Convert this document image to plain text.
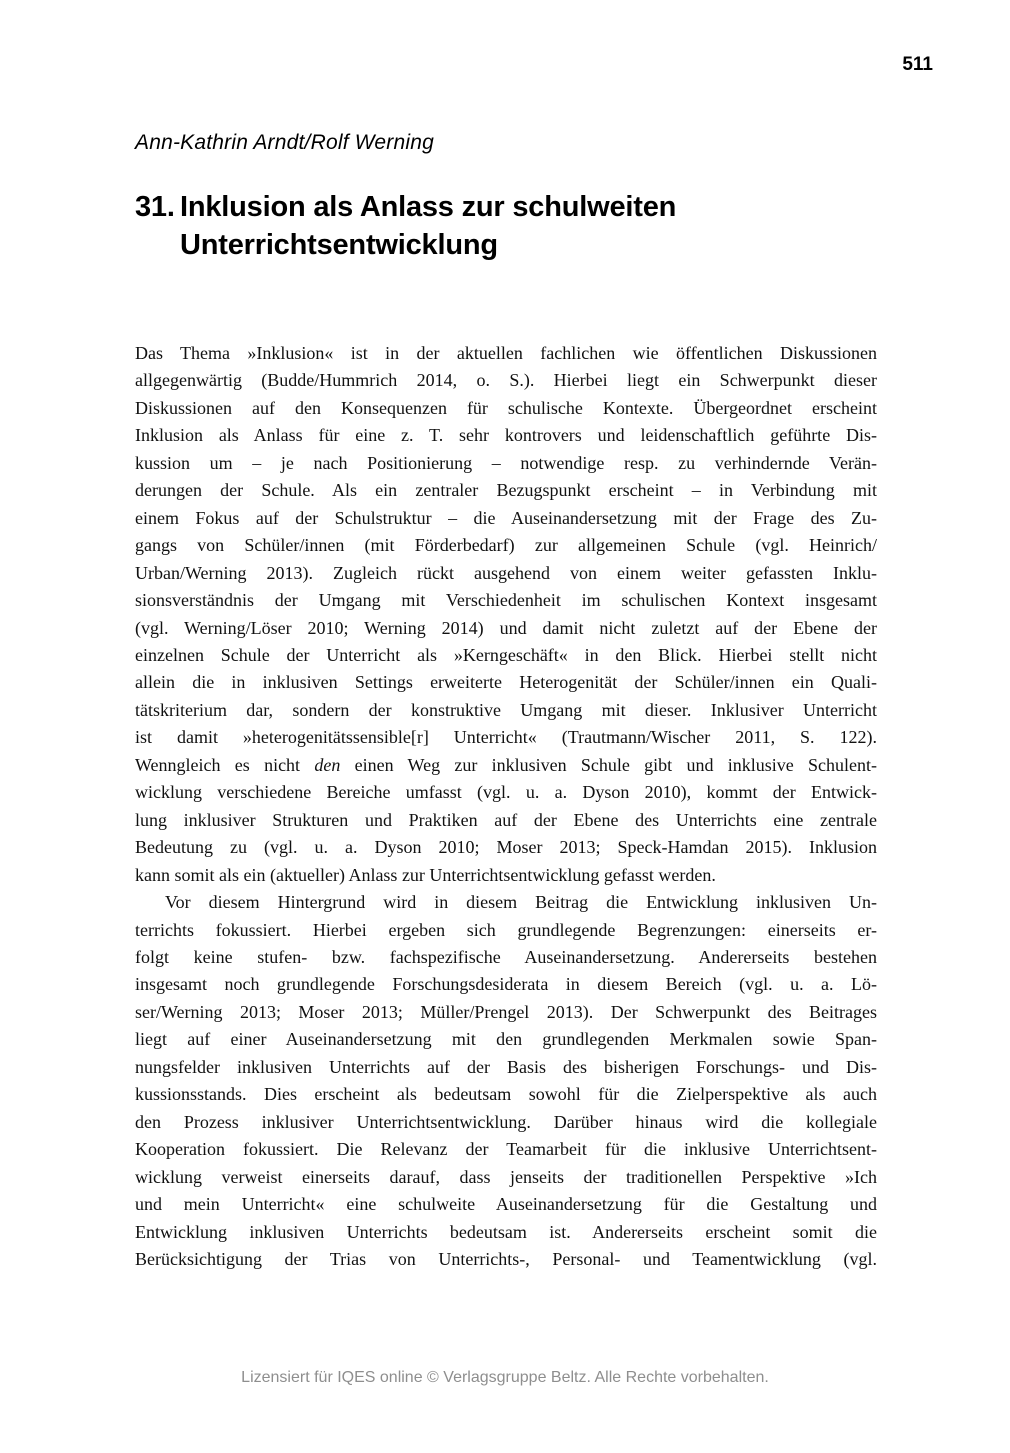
511
Ann-Kathrin Arndt/Rolf Werning
31. Inklusion als Anlass zur schulweiten
Unterrichtsentwicklung
Das Thema »Inklusion« ist in der aktuellen fachlichen wie öffentlichen Diskussionen
allgegenwärtig (Budde/Hummrich 2014, o. S.). Hierbei liegt ein Schwerpunkt dieser
Diskussionen auf den Konsequenzen für schulische Kontexte. Übergeordnet erscheint
Inklusion als Anlass für eine z. T. sehr kontrovers und leidenschaftlich geführte Dis-
kussion um – je nach Positionierung – notwendige resp. zu verhindernde Verän-
derungen der Schule. Als ein zentraler Bezugspunkt erscheint – in Verbindung mit
einem Fokus auf der Schulstruktur – die Auseinandersetzung mit der Frage des Zu-
gangs von Schüler/innen (mit Förderbedarf) zur allgemeinen Schule (vgl. Heinrich/
Urban/Werning 2013). Zugleich rückt ausgehend von einem weiter gefassten Inklu-
sionsverständnis der Umgang mit Verschiedenheit im schulischen Kontext insgesamt
(vgl. Werning/Löser 2010; Werning 2014) und damit nicht zuletzt auf der Ebene der
einzelnen Schule der Unterricht als »Kerngeschäft« in den Blick. Hierbei stellt nicht
allein die in inklusiven Settings erweiterte Heterogenität der Schüler/innen ein Quali-
tätskriterium dar, sondern der konstruktive Umgang mit dieser. Inklusiver Unterricht
ist damit »heterogenitätssensible[r] Unterricht« (Trautmann/Wischer 2011, S. 122).
Wenngleich es nicht den einen Weg zur inklusiven Schule gibt und inklusive Schulent-
wicklung verschiedene Bereiche umfasst (vgl. u. a. Dyson 2010), kommt der Entwick-
lung inklusiver Strukturen und Praktiken auf der Ebene des Unterrichts eine zentrale
Bedeutung zu (vgl. u. a. Dyson 2010; Moser 2013; Speck-Hamdan 2015). Inklusion
kann somit als ein (aktueller) Anlass zur Unterrichtsentwicklung gefasst werden.
Vor diesem Hintergrund wird in diesem Beitrag die Entwicklung inklusiven Un-
terrichts fokussiert. Hierbei ergeben sich grundlegende Begrenzungen: einerseits er-
folgt keine stufen- bzw. fachspezifische Auseinandersetzung. Andererseits bestehen
insgesamt noch grundlegende Forschungsdesiderata in diesem Bereich (vgl. u. a. Lö-
ser/Werning 2013; Moser 2013; Müller/Prengel 2013). Der Schwerpunkt des Beitrages
liegt auf einer Auseinandersetzung mit den grundlegenden Merkmalen sowie Span-
nungsfelder inklusiven Unterrichts auf der Basis des bisherigen Forschungs- und Dis-
kussionsstands. Dies erscheint als bedeutsam sowohl für die Zielperspektive als auch
den Prozess inklusiver Unterrichtsentwicklung. Darüber hinaus wird die kollegiale
Kooperation fokussiert. Die Relevanz der Teamarbeit für die inklusive Unterrichtsent-
wicklung verweist einerseits darauf, dass jenseits der traditionellen Perspektive »Ich
und mein Unterricht« eine schulweite Auseinandersetzung für die Gestaltung und
Entwicklung inklusiven Unterrichts bedeutsam ist. Andererseits erscheint somit die
Berücksichtigung der Trias von Unterrichts-, Personal- und Teamentwicklung (vgl.
Lizensiert für IQES online © Verlagsgruppe Beltz. Alle Rechte vorbehalten.
